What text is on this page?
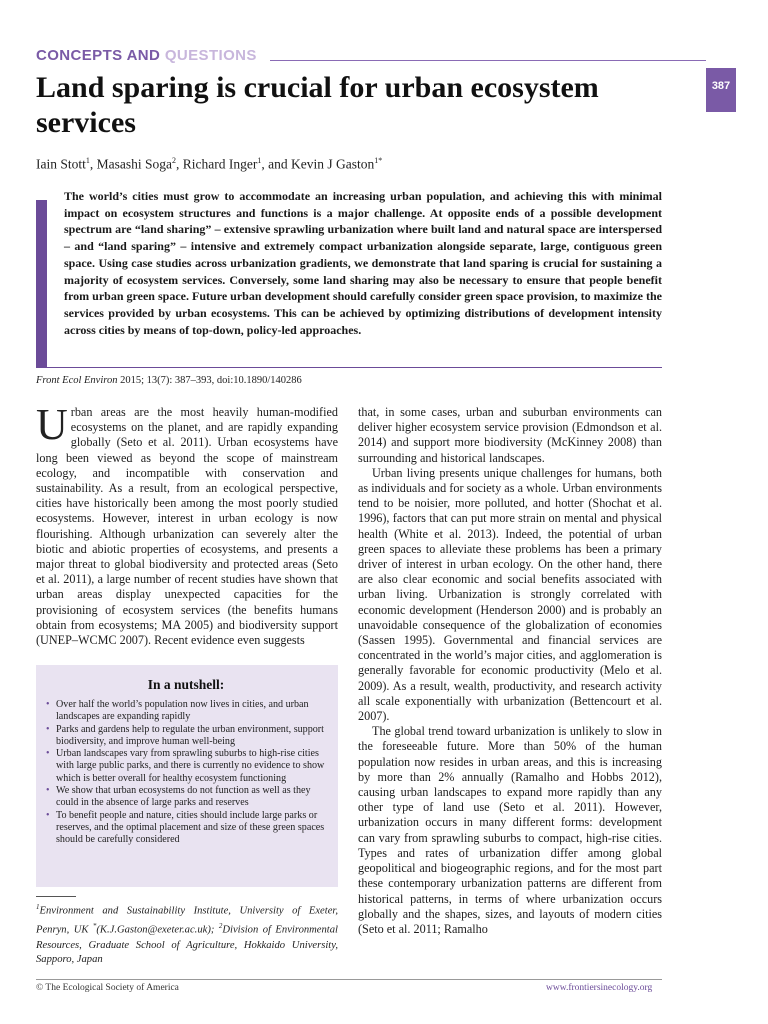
CONCEPTS AND QUESTIONS
387
Land sparing is crucial for urban ecosystem services
Iain Stott$^1$, Masashi Soga$^2$, Richard Inger$^1$, and Kevin J Gaston$^{1*}$

The world’s cities must grow to accommodate an increasing urban population, and achieving this with minimal impact on ecosystem structures and functions is a major challenge. At opposite ends of a possible development spectrum are “land sharing” – extensive sprawling urbanization where built land and natural space are interspersed – and “land sparing” – intensive and extremely compact urbanization alongside separate, large, contiguous green space. Using case studies across urbanization gradients, we demonstrate that land sparing is crucial for sustaining a majority of ecosystem services. Conversely, some land sharing may also be necessary to ensure that people benefit from urban green space. Future urban development should carefully consider green space provision, to maximize the services provided by urban ecosystems. This can be achieved by optimizing distributions of development intensity across cities by means of top-down, policy-led approaches.

Front Ecol Environ 2015; 13(7): 387–393, doi:10.1890/140286

Urban areas are the most heavily human-modified ecosystems on the planet, and are rapidly expanding globally (Seto et al. 2011). Urban ecosystems have long been viewed as beyond the scope of mainstream ecology, and incompatible with conservation and sustainability. As a result, from an ecological perspective, cities have historically been among the most poorly studied ecosystems. However, interest in urban ecology is now flourishing. Although urbanization can severely alter the biotic and abiotic properties of ecosystems, and presents a major threat to global biodiversity and protected areas (Seto et al. 2011), a large number of recent studies have shown that urban areas display unexpected capacities for the provisioning of ecosystem services (the benefits humans obtain from ecosystems; MA 2005) and biodiversity support (UNEP–WCMC 2007). Recent evidence even suggests

In a nutshell:
• Over half the world’s population now lives in cities, and urban landscapes are expanding rapidly
• Parks and gardens help to regulate the urban environment, support biodiversity, and improve human well-being
• Urban landscapes vary from sprawling suburbs to high-rise cities with large public parks, and there is currently no evidence to show which is better overall for healthy ecosystem functioning
• We show that urban ecosystems do not function as well as they could in the absence of large parks and reserves
• To benefit people and nature, cities should include large parks or reserves, and the optimal placement and size of these green spaces should be carefully considered
$^1$Environment and Sustainability Institute, University of Exeter, Penryn, UK *(K.J.Gaston@exeter.ac.uk); $^2$Division of Environmental Resources, Graduate School of Agriculture, Hokkaido University, Sapporo, Japan

that, in some cases, urban and suburban environments can deliver higher ecosystem service provision (Edmondson et al. 2014) and support more biodiversity (McKinney 2008) than surrounding and historical landscapes.

Urban living presents unique challenges for humans, both as individuals and for society as a whole. Urban environments tend to be noisier, more polluted, and hotter (Shochat et al. 1996), factors that can put more strain on mental and physical health (White et al. 2013). Indeed, the potential of urban green spaces to alleviate these problems has been a primary driver of interest in urban ecology. On the other hand, there are also clear economic and social benefits associated with urban living. Urbanization is strongly correlated with economic development (Henderson 2000) and is probably an unavoidable consequence of the globalization of economies (Sassen 1995). Governmental and financial services are concentrated in the world’s major cities, and agglomeration is generally favorable for economic productivity (Melo et al. 2009). As a result, wealth, productivity, and research activity all scale exponentially with urbanization (Bettencourt et al. 2007).

The global trend toward urbanization is unlikely to slow in the foreseeable future. More than 50% of the human population now resides in urban areas, and this is increasing by more than 2% annually (Ramalho and Hobbs 2012), causing urban landscapes to expand more rapidly than any other type of land use (Seto et al. 2011). However, urbanization occurs in many different forms: development can vary from sprawling suburbs to compact, high-rise cities. Types and rates of urbanization differ among global geopolitical and biogeographic regions, and for the most part these contemporary urbanization patterns are different from historical patterns, in terms of where urbanization occurs globally and the shapes, sizes, and layouts of modern cities (Seto et al. 2011; Ramalho

© The Ecological Society of America	www.frontiersinecology.org
